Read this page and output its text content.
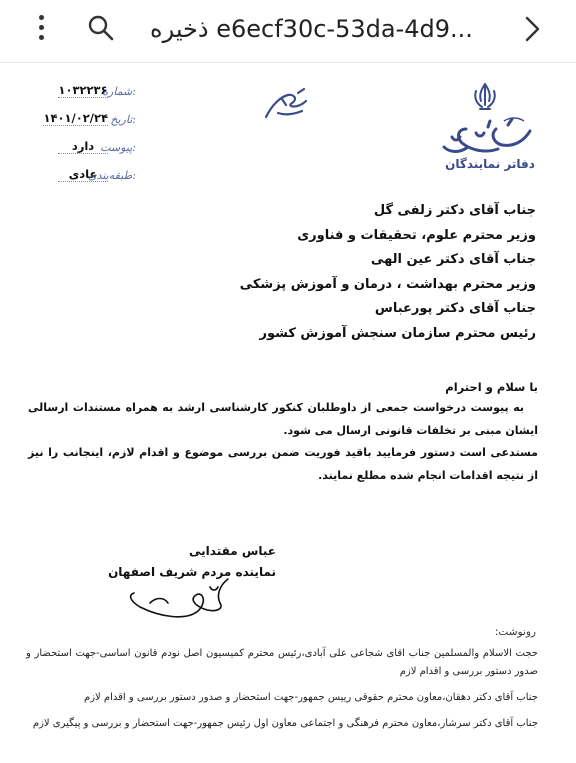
ذخیره e6ecf30c-53da-4d9...
۱۰۳۲۲۳۶
شماره:
۱۴۰۱/۰۲/۲۴ تاریخ:
دارد پیوست:
عادی
طبقه‌بندی:
دفاتر نمایندگان
جناب آقای دکتر زلفی گل
وزیر محترم علوم، تحقیقات و فناوری
جناب آقای دکتر عین الهی
وزیر محترم بهداشت ، درمان و آموزش پزشکی
جناب آقای دکتر پورعباس
رئیس محترم سازمان سنجش آموزش کشور
با سلام و احترام

به پیوست درخواست جمعی از داوطلبان کنکور کارشناسی ارشد به همراه مستندات ارسالی ایشان مبنی بر تخلفات قانونی ارسال می شود.

مستدعی است دستور فرمایید باقید فوریت ضمن بررسی موضوع و اقدام لازم، اینجانب را نیز از نتیجه اقدامات انجام شده مطلع نمایند.

عباس مقتدایی
نماینده مردم شریف اصفهان
رونوشت:

حجت الاسلام والمسلمین جناب اقای شجاعی علی آبادی،رئیس محترم کمیسیون اصل نودم قانون اساسی-جهت استحضار و صدور دستور بررسی و اقدام لازم

جناب آقای دکتر دهقان،معاون محترم حقوقی رییس جمهور-جهت استحضار و صدور دستور بررسی و اقدام لازم

جناب آقای دکتر سرشار،معاون محترم فرهنگی و اجتماعی معاون اول رئیس جمهور-جهت استحضار و بررسی و پیگیری لازم
